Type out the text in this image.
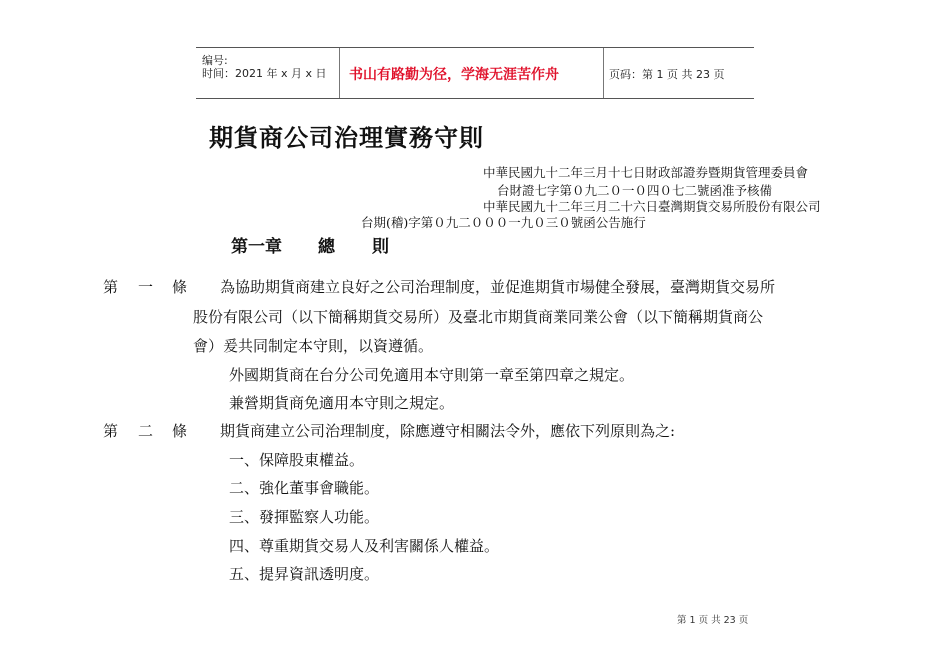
编号:
时间：2021 年 x 月 x 日 书山有路勤为径，学海无涯苦作舟	页码：第 1 页 共 23 页
期貨商公司治理實務守則
中華民國九十二年三月十七日財政部證券暨期貨管理委員會
台財證七字第０九二０一０四０七二號函准予核備
中華民國九十二年三月二十六日臺灣期貨交易所股份有限公司
台期(稽)字第０九二０００一九０三０號函公告施行
第一章 總 則
第 一 條 為協助期貨商建立良好之公司治理制度，並促進期貨市場健全發展，臺灣期貨交易所
股份有限公司（以下簡稱期貨交易所）及臺北市期貨商業同業公會（以下簡稱期貨商公
會）爰共同制定本守則，以資遵循。
外國期貨商在台分公司免適用本守則第一章至第四章之規定。
兼營期貨商免適用本守則之規定。
第 二 條 期貨商建立公司治理制度，除應遵守相關法令外，應依下列原則為之:
一、保障股東權益。
二、強化董事會職能。
三、發揮監察人功能。
四、尊重期貨交易人及利害關係人權益。
五、提昇資訊透明度。
第 1 页 共 23 页
